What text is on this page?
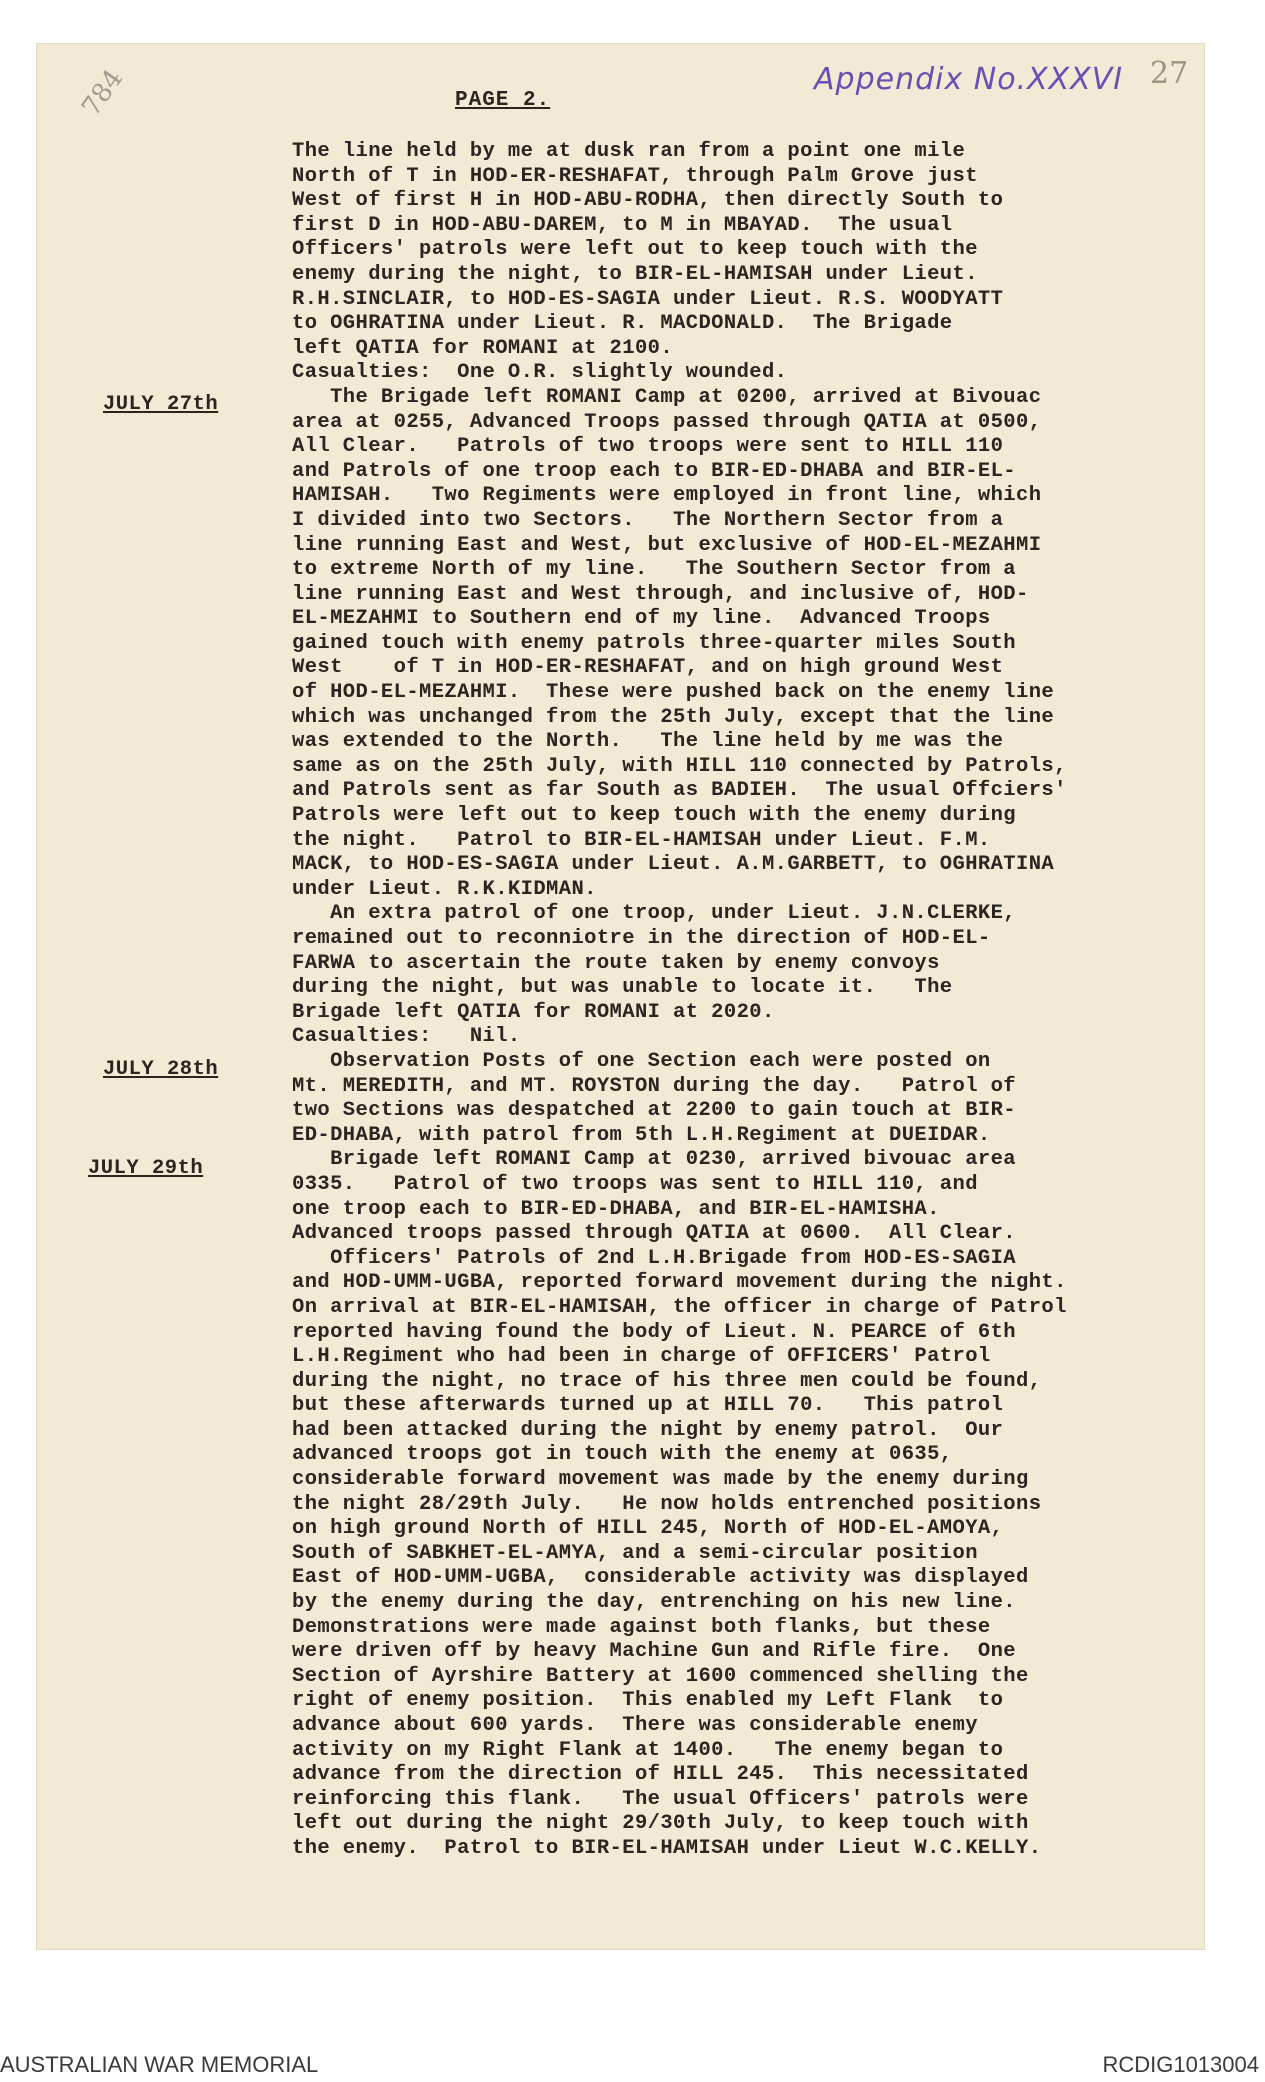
784	Appendix No.XXXVI 27
PAGE 2.
JULY 27th
JULY 28th
JULY 29th
The line held by me at dusk ran from a point one mile
North of T in HOD-ER-RESHAFAT, through Palm Grove just
West of first H in HOD-ABU-RODHA, then directly South to
first D in HOD-ABU-DAREM, to M in MBAYAD.  The usual
Officers' patrols were left out to keep touch with the
enemy during the night, to BIR-EL-HAMISAH under Lieut.
R.H.SINCLAIR, to HOD-ES-SAGIA under Lieut. R.S. WOODYATT
to OGHRATINA under Lieut. R. MACDONALD.  The Brigade
left QATIA for ROMANI at 2100.
Casualties:  One O.R. slightly wounded.
The Brigade left ROMANI Camp at 0200, arrived at Bivouac
area at 0255, Advanced Troops passed through QATIA at 0500,
All Clear.   Patrols of two troops were sent to HILL 110
and Patrols of one troop each to BIR-ED-DHABA and BIR-EL-
HAMISAH.   Two Regiments were employed in front line, which
I divided into two Sectors.   The Northern Sector from a
line running East and West, but exclusive of HOD-EL-MEZAHMI
to extreme North of my line.   The Southern Sector from a
line running East and West through, and inclusive of, HOD-
EL-MEZAHMI to Southern end of my line.  Advanced Troops
gained touch with enemy patrols three-quarter miles South
West    of T in HOD-ER-RESHAFAT, and on high ground West
of HOD-EL-MEZAHMI.  These were pushed back on the enemy line
which was unchanged from the 25th July, except that the line
was extended to the North.   The line held by me was the
same as on the 25th July, with HILL 110 connected by Patrols,
and Patrols sent as far South as BADIEH.  The usual Offciers'
Patrols were left out to keep touch with the enemy during
the night.   Patrol to BIR-EL-HAMISAH under Lieut. F.M.
MACK, to HOD-ES-SAGIA under Lieut. A.M.GARBETT, to OGHRATINA
under Lieut. R.K.KIDMAN.
An extra patrol of one troop, under Lieut. J.N.CLERKE,
remained out to reconniotre in the direction of HOD-EL-
FARWA to ascertain the route taken by enemy convoys
during the night, but was unable to locate it.   The
Brigade left QATIA for ROMANI at 2020.
Casualties:   Nil.
Observation Posts of one Section each were posted on
Mt. MEREDITH, and MT. ROYSTON during the day.   Patrol of
two Sections was despatched at 2200 to gain touch at BIR-
ED-DHABA, with patrol from 5th L.H.Regiment at DUEIDAR.
Brigade left ROMANI Camp at 0230, arrived bivouac area
0335.   Patrol of two troops was sent to HILL 110, and
one troop each to BIR-ED-DHABA, and BIR-EL-HAMISHA.
Advanced troops passed through QATIA at 0600.  All Clear.
Officers' Patrols of 2nd L.H.Brigade from HOD-ES-SAGIA
and HOD-UMM-UGBA, reported forward movement during the night.
On arrival at BIR-EL-HAMISAH, the officer in charge of Patrol
reported having found the body of Lieut. N. PEARCE of 6th
L.H.Regiment who had been in charge of OFFICERS' Patrol
during the night, no trace of his three men could be found,
but these afterwards turned up at HILL 70.   This patrol
had been attacked during the night by enemy patrol.  Our
advanced troops got in touch with the enemy at 0635,
considerable forward movement was made by the enemy during
the night 28/29th July.   He now holds entrenched positions
on high ground North of HILL 245, North of HOD-EL-AMOYA,
South of SABKHET-EL-AMYA, and a semi-circular position
East of HOD-UMM-UGBA,  considerable activity was displayed
by the enemy during the day, entrenching on his new line.
Demonstrations were made against both flanks, but these
were driven off by heavy Machine Gun and Rifle fire.  One
Section of Ayrshire Battery at 1600 commenced shelling the
right of enemy position.  This enabled my Left Flank  to
advance about 600 yards.  There was considerable enemy
activity on my Right Flank at 1400.   The enemy began to
advance from the direction of HILL 245.  This necessitated
reinforcing this flank.   The usual Officers' patrols were
left out during the night 29/30th July, to keep touch with
the enemy.  Patrol to BIR-EL-HAMISAH under Lieut W.C.KELLY.
AUSTRALIAN WAR MEMORIAL	RCDIG1013004
